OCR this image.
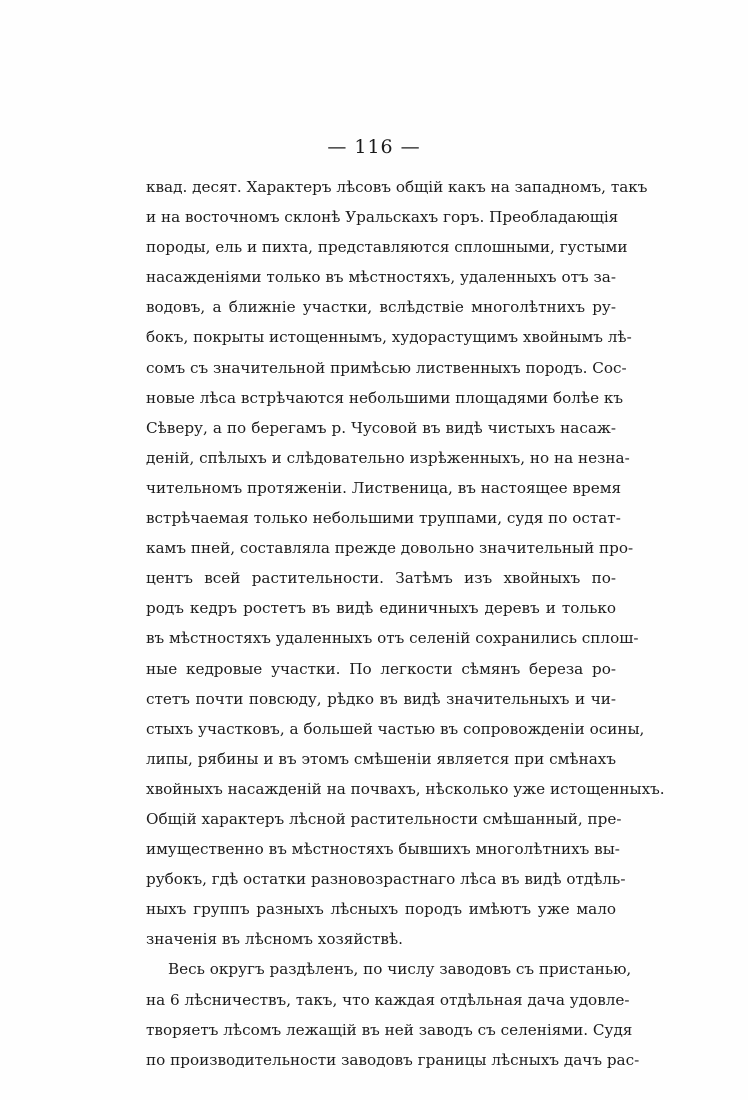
— 116 —
квад. десят. Характеръ лѣсовъ общій какъ на западномъ, такъ
и на восточномъ склонѣ Уральскахъ горъ. Преобладающія
породы, ель и пихта, представляются сплошными, густыми
насажденіями только въ мѣстностяхъ, удаленныхъ отъ за-
водовъ, а ближніе участки, вслѣдствіе многолѣтнихъ ру-
бокъ, покрыты истощеннымъ, худорастущимъ хвойнымъ лѣ-
сомъ съ значительной примѣсью лиственныхъ породъ. Сос-
новые лѣса встрѣчаются небольшими площадями болѣе къ
Сѣверу, а по берегамъ р. Чусовой въ видѣ чистыхъ насаж-
деній, спѣлыхъ и слѣдовательно изрѣженныхъ, но на незна-
чительномъ протяженіи. Лиственица, въ настоящее время
встрѣчаемая только небольшими труппами, судя по остат-
камъ пней, составляла прежде довольно значительный про-
центъ всей растительности. Затѣмъ изъ хвойныхъ по-
родъ кедръ ростетъ въ видѣ единичныхъ деревъ и только
въ мѣстностяхъ удаленныхъ отъ селеній сохранились сплош-
ные кедровые участки. По легкости сѣмянъ береза ро-
стетъ почти повсюду, рѣдко въ видѣ значительныхъ и чи-
стыхъ участковъ, а большей частью въ сопровожденіи осины,
липы, рябины и въ этомъ смѣшеніи является при смѣнахъ
хвойныхъ насажденій на почвахъ, нѣсколько уже истощенныхъ.
Общій характеръ лѣсной растительности смѣшанный, пре-
имущественно въ мѣстностяхъ бывшихъ многолѣтнихъ вы-
рубокъ, гдѣ остатки разновозрастнаго лѣса въ видѣ отдѣль-
ныхъ группъ разныхъ лѣсныхъ породъ имѣютъ уже мало
значенія въ лѣсномъ хозяйствѣ.
Весь округъ раздѣленъ, по числу заводовъ съ пристанью,
на 6 лѣсничествъ, такъ, что каждая отдѣльная дача удовле-
творяетъ лѣсомъ лежащій въ ней заводъ съ селеніями. Судя
по производительности заводовъ границы лѣсныхъ дачъ рас-
